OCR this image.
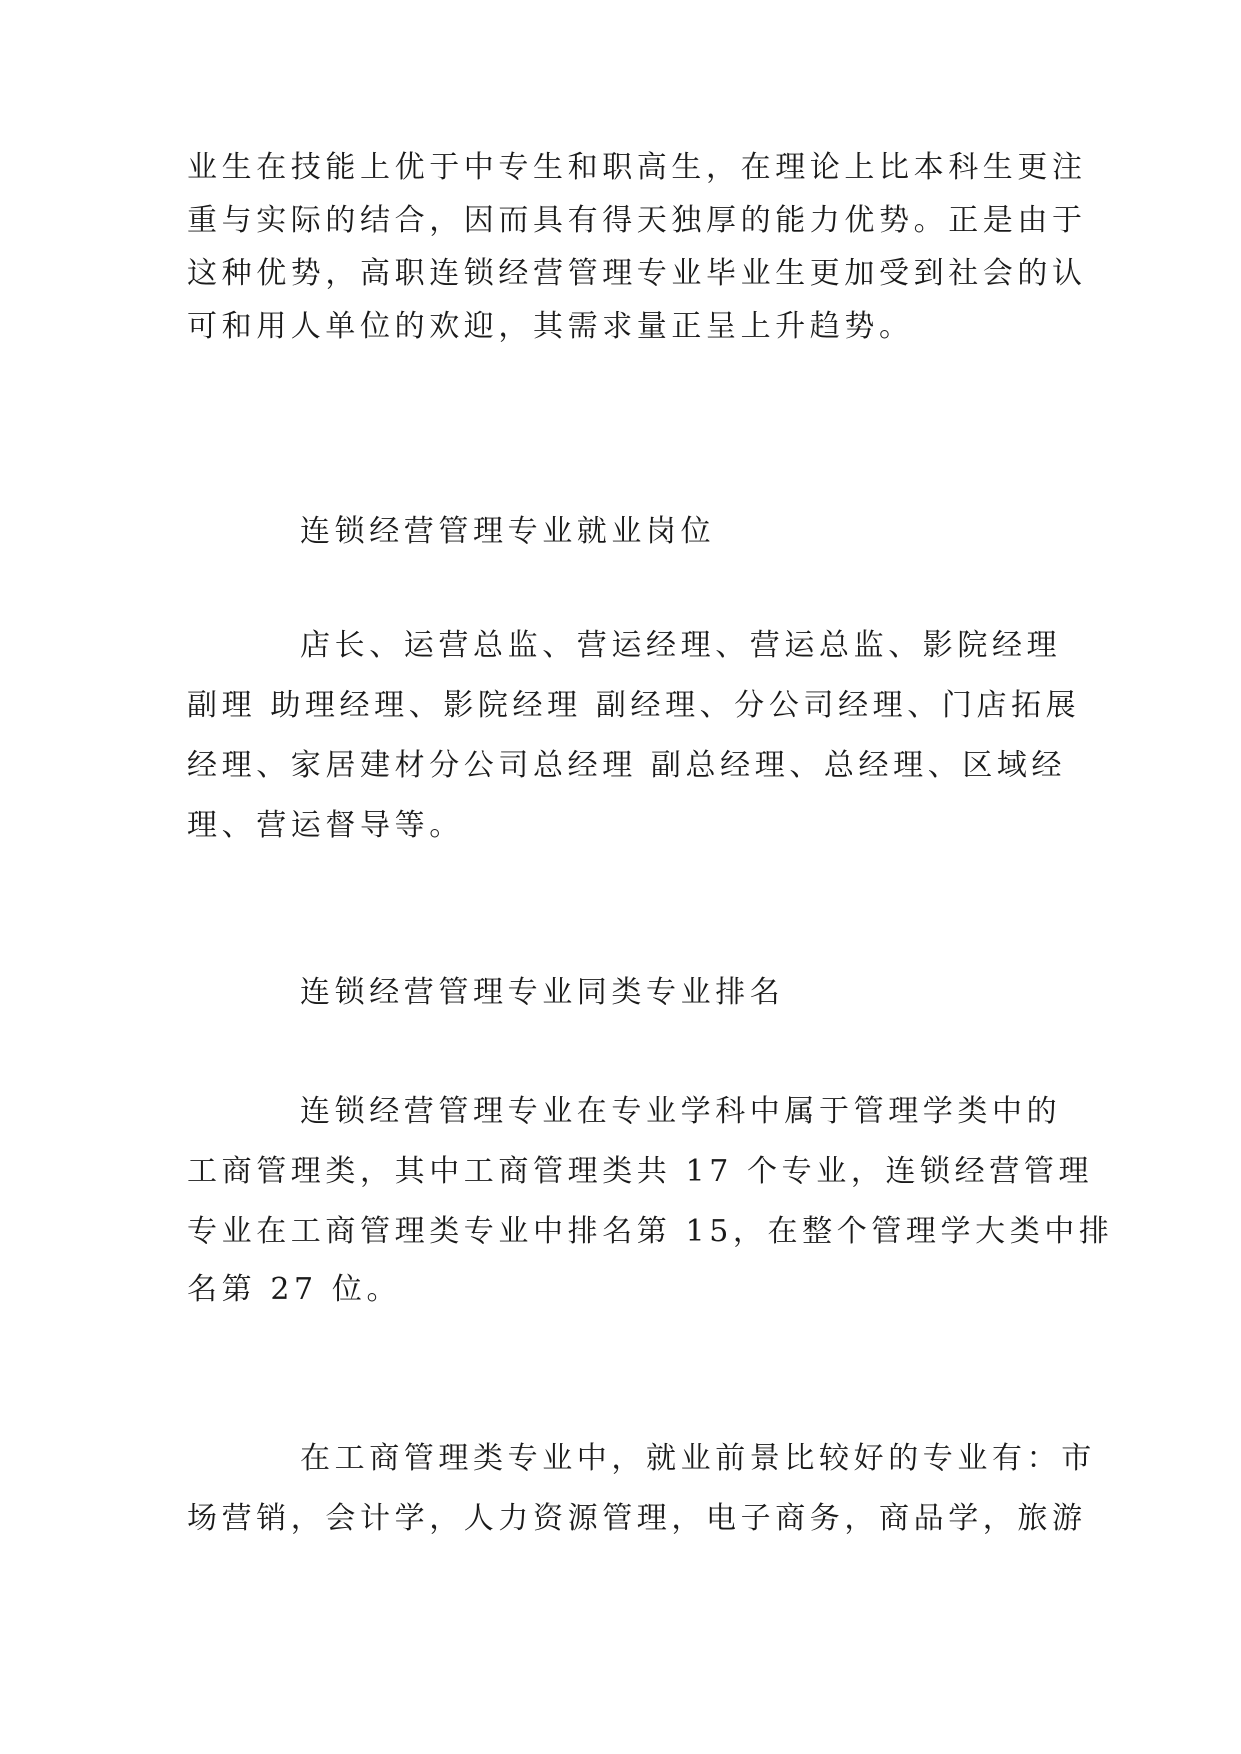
业生在技能上优于中专生和职高生，在理论上比本科生更注

重与实际的结合，因而具有得天独厚的能力优势。正是由于

这种优势，高职连锁经营管理专业毕业生更加受到社会的认

可和用人单位的欢迎，其需求量正呈上升趋势。

连锁经营管理专业就业岗位

店长、运营总监、营运经理、营运总监、影院经理

副理 助理经理、影院经理 副经理、分公司经理、门店拓展

经理、家居建材分公司总经理 副总经理、总经理、区域经

理、营运督导等。

连锁经营管理专业同类专业排名

连锁经营管理专业在专业学科中属于管理学类中的

工商管理类，其中工商管理类共 17 个专业，连锁经营管理

专业在工商管理类专业中排名第 15，在整个管理学大类中排

名第 27 位。

在工商管理类专业中，就业前景比较好的专业有：市

场营销，会计学，人力资源管理，电子商务，商品学，旅游
